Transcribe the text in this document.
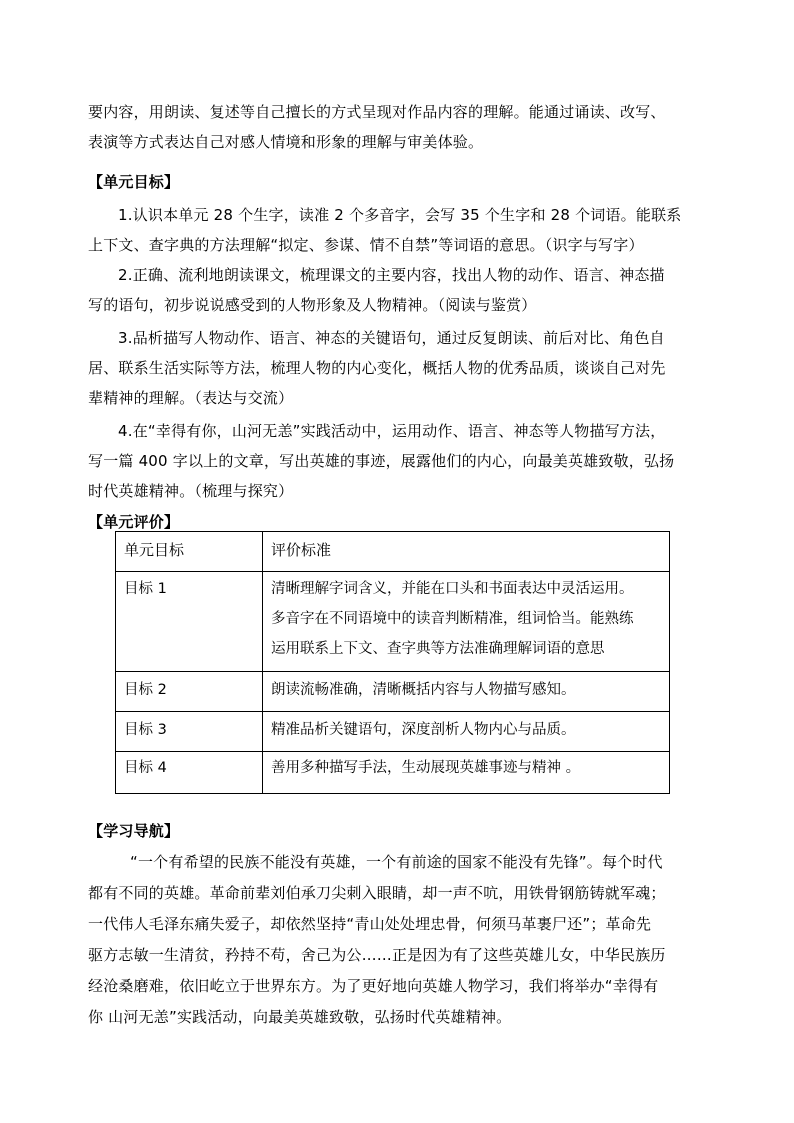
要内容，用朗读、复述等自己擅长的方式呈现对作品内容的理解。能通过诵读、改写、
表演等方式表达自己对感人情境和形象的理解与审美体验。
【单元目标】
1.认识本单元 28 个生字，读准 2 个多音字，会写 35 个生字和 28 个词语。能联系
上下文、查字典的方法理解“拟定、参谋、情不自禁”等词语的意思。（识字与写字）
2.正确、流利地朗读课文，梳理课文的主要内容，找出人物的动作、语言、神态描
写的语句，初步说说感受到的人物形象及人物精神。（阅读与鉴赏）
3.品析描写人物动作、语言、神态的关键语句，通过反复朗读、前后对比、角色自
居、联系生活实际等方法，梳理人物的内心变化，概括人物的优秀品质，谈谈自己对先
辈精神的理解。（表达与交流）
4.在“幸得有你，山河无恙”实践活动中，运用动作、语言、神态等人物描写方法，
写一篇 400 字以上的文章，写出英雄的事迹，展露他们的内心，向最美英雄致敬，弘扬
时代英雄精神。（梳理与探究）
【单元评价】
单元目标	评价标准

目标 1	清晰理解字词含义，并能在口头和书面表达中灵活运用。
多音字在不同语境中的读音判断精准，组词恰当。能熟练
运用联系上下文、查字典等方法准确理解词语的意思

目标 2	朗读流畅准确，清晰概括内容与人物描写感知。

目标 3	精准品析关键语句，深度剖析人物内心与品质。

目标 4	善用多种描写手法，生动展现英雄事迹与精神 。
【学习导航】
“一个有希望的民族不能没有英雄，一个有前途的国家不能没有先锋”。每个时代
都有不同的英雄。革命前辈刘伯承刀尖刺入眼睛，却一声不吭，用铁骨钢筋铸就军魂；
一代伟人毛泽东痛失爱子，却依然坚持“青山处处埋忠骨，何须马革裹尸还”；革命先
驱方志敏一生清贫，矜持不苟，舍己为公……正是因为有了这些英雄儿女，中华民族历
经沧桑磨难，依旧屹立于世界东方。为了更好地向英雄人物学习，我们将举办“幸得有
你 山河无恙”实践活动，向最美英雄致敬，弘扬时代英雄精神。
